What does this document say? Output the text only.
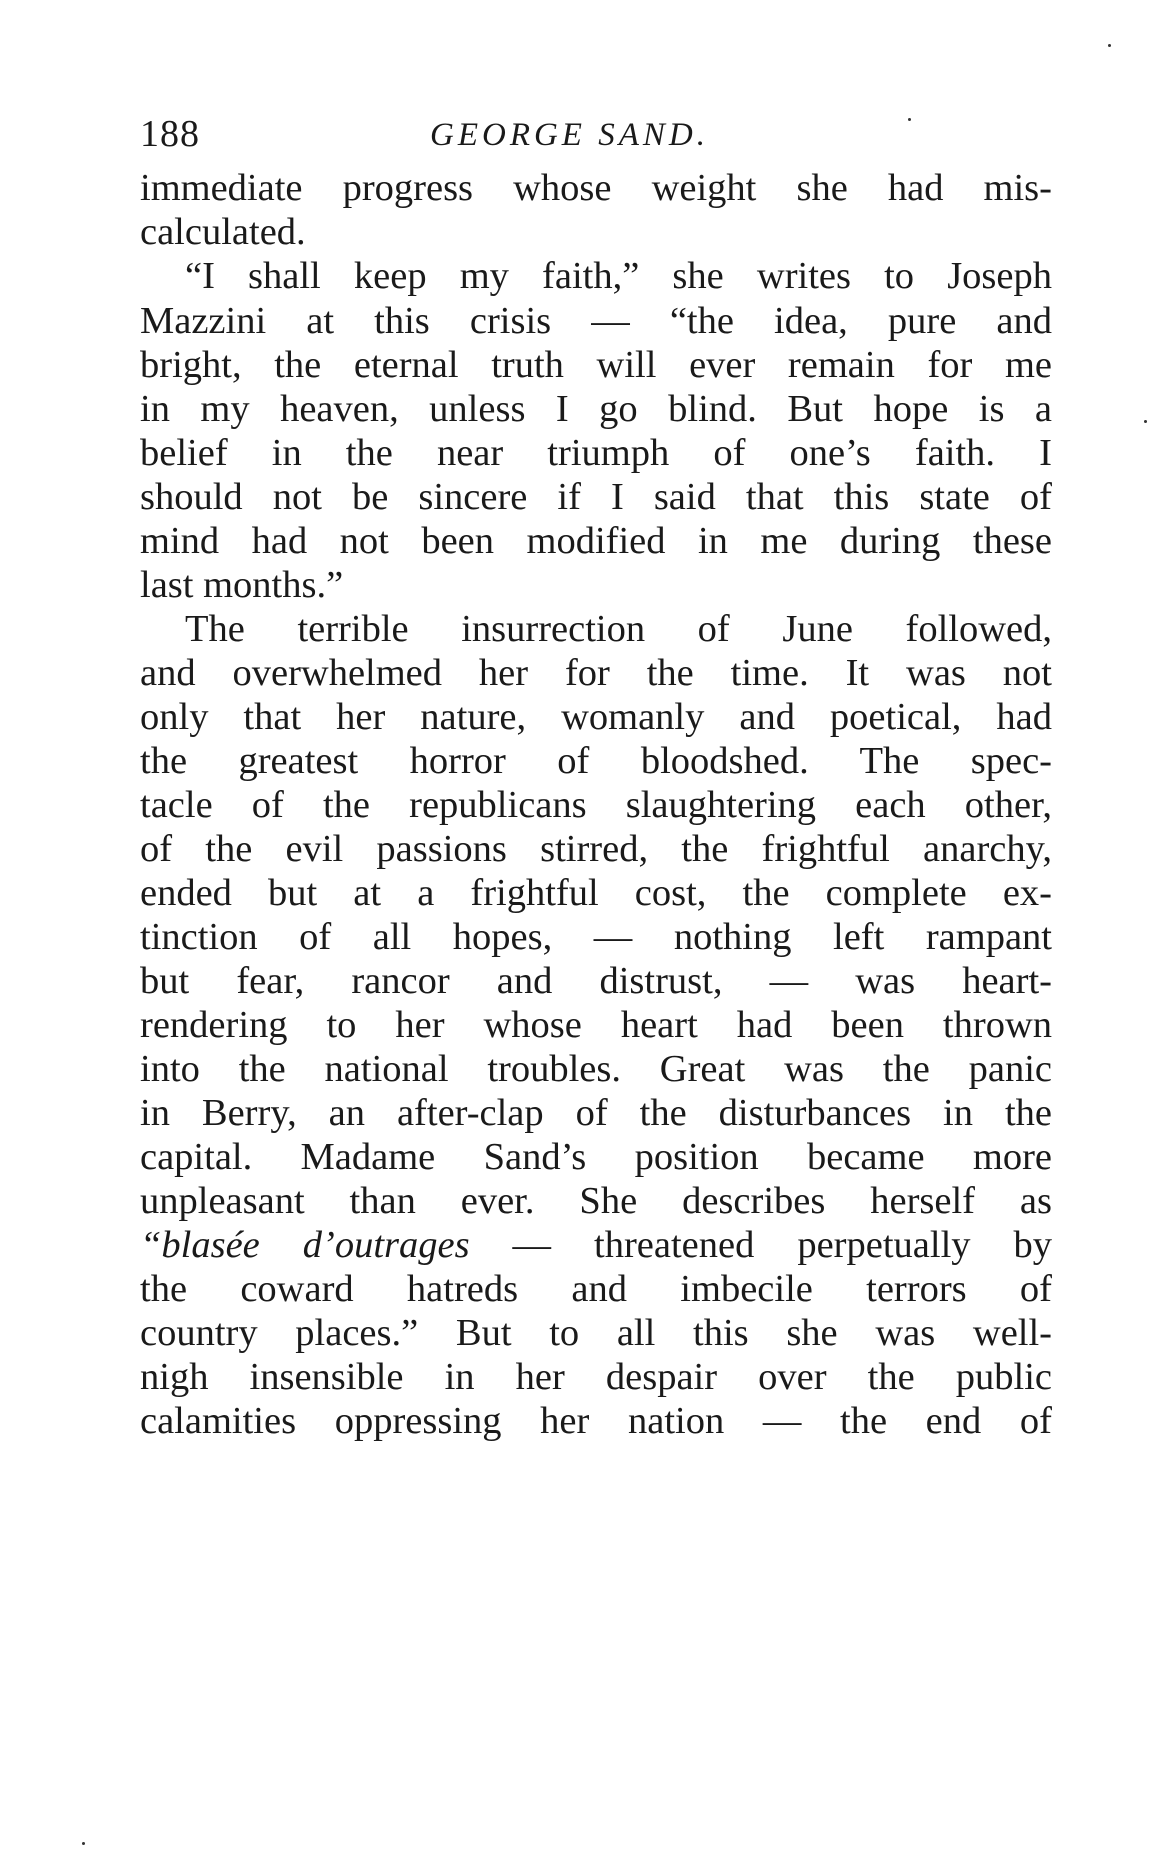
188	GEORGE SAND.
immediate progress whose weight she had mis-
calculated.
“I shall keep my faith,” she writes to Joseph
Mazzini at this crisis — “the idea, pure and
bright, the eternal truth will ever remain for me
in my heaven, unless I go blind. But hope is a
belief in the near triumph of one’s faith. I
should not be sincere if I said that this state of
mind had not been modified in me during these
last months.”
The terrible insurrection of June followed,
and overwhelmed her for the time. It was not
only that her nature, womanly and poetical, had
the greatest horror of bloodshed. The spec-
tacle of the republicans slaughtering each other,
of the evil passions stirred, the frightful anarchy,
ended but at a frightful cost, the complete ex-
tinction of all hopes, — nothing left rampant
but fear, rancor and distrust, — was heart-
rendering to her whose heart had been thrown
into the national troubles. Great was the panic
in Berry, an after-clap of the disturbances in the
capital. Madame Sand’s position became more
unpleasant than ever. She describes herself as
“blasée d’outrages — threatened perpetually by
the coward hatreds and imbecile terrors of
country places.” But to all this she was well-
nigh insensible in her despair over the public
calamities oppressing her nation — the end of
